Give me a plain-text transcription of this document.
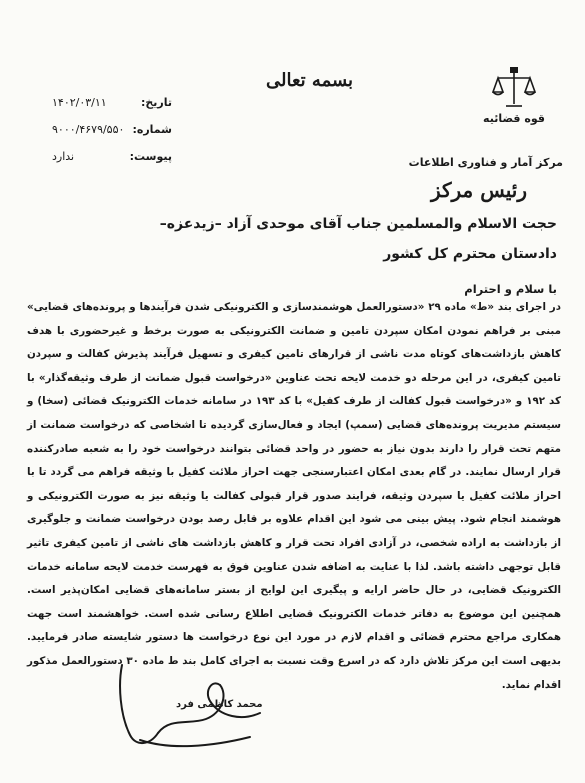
بسمه تعالی
قوه قضائیه
مرکز آمار و فناوری اطلاعات
رئیس مرکز
تاریخ:
۱۴۰۲/۰۳/۱۱
شماره:
۹۰۰۰/۴۶۷۹/۵۵۰
پیوست:
ندارد
حجت الاسلام والمسلمین جناب آقای موحدی آزاد –زیدعزه–
دادستان محترم کل کشور
با سلام و احترام
در اجرای بند «ط» ماده ۲۹ «دستورالعمل هوشمندسازی و الکترونیکی شدن فرآیندها و پرونده‌های قضایی» مبنی بر فراهم نمودن امکان سپردن تامین و ضمانت الکترونیکی به صورت برخط و غیرحضوری با هدف کاهش بازداشت‌های کوتاه مدت ناشی از قرارهای تامین کیفری و تسهیل فرآیند پذیرش کفالت و سپردن تامین کیفری، در این مرحله دو خدمت لایحه تحت عناوین «درخواست قبول ضمانت از طرف وثیقه‌گذار» با کد ۱۹۲ و «درخواست قبول کفالت از طرف کفیل» با کد ۱۹۳ در سامانه خدمات الکترونیک قضائی (سخا) و سیستم مدیریت پرونده‌های قضایی (سمپ) ایجاد و فعال‌سازی گردیده تا اشخاصی که درخواست ضمانت از متهم تحت قرار را دارند بدون نیاز به حضور در واحد قضائی بتوانند درخواست خود را به شعبه صادرکننده قرار ارسال نمایند. در گام بعدی امکان اعتبارسنجی جهت احراز ملائت کفیل با وثیقه فراهم می گردد تا با احراز ملائت کفیل یا سپردن وثیقه، فرایند صدور قرار قبولی کفالت یا وثیقه نیز به صورت الکترونیکی و هوشمند انجام شود. پیش بینی می شود این اقدام علاوه بر قابل رصد بودن درخواست ضمانت و جلوگیری از بازداشت به اراده شخصی، در آزادی افراد تحت قرار و کاهش بازداشت های ناشی از تامین کیفری تاثیر قابل توجهی داشته باشد. لذا با عنایت به اضافه شدن عناوین فوق به فهرست خدمت لایحه سامانه خدمات الکترونیک قضایی، در حال حاضر ارایه و پیگیری این لوایح از بستر سامانه‌های قضایی امکان‌پذیر است. همچنین این موضوع به دفاتر خدمات الکترونیک قضایی اطلاع رسانی شده است. خواهشمند است جهت همکاری مراجع محترم قضائی و اقدام لازم در مورد این نوع درخواست ها دستور شایسته صادر فرمایید. بدیهی است این مرکز تلاش دارد که در اسرع وقت نسبت به اجرای کامل بند ط ماده ۳۰ دستورالعمل مذکور اقدام نماید.
محمد کاظمی فرد
